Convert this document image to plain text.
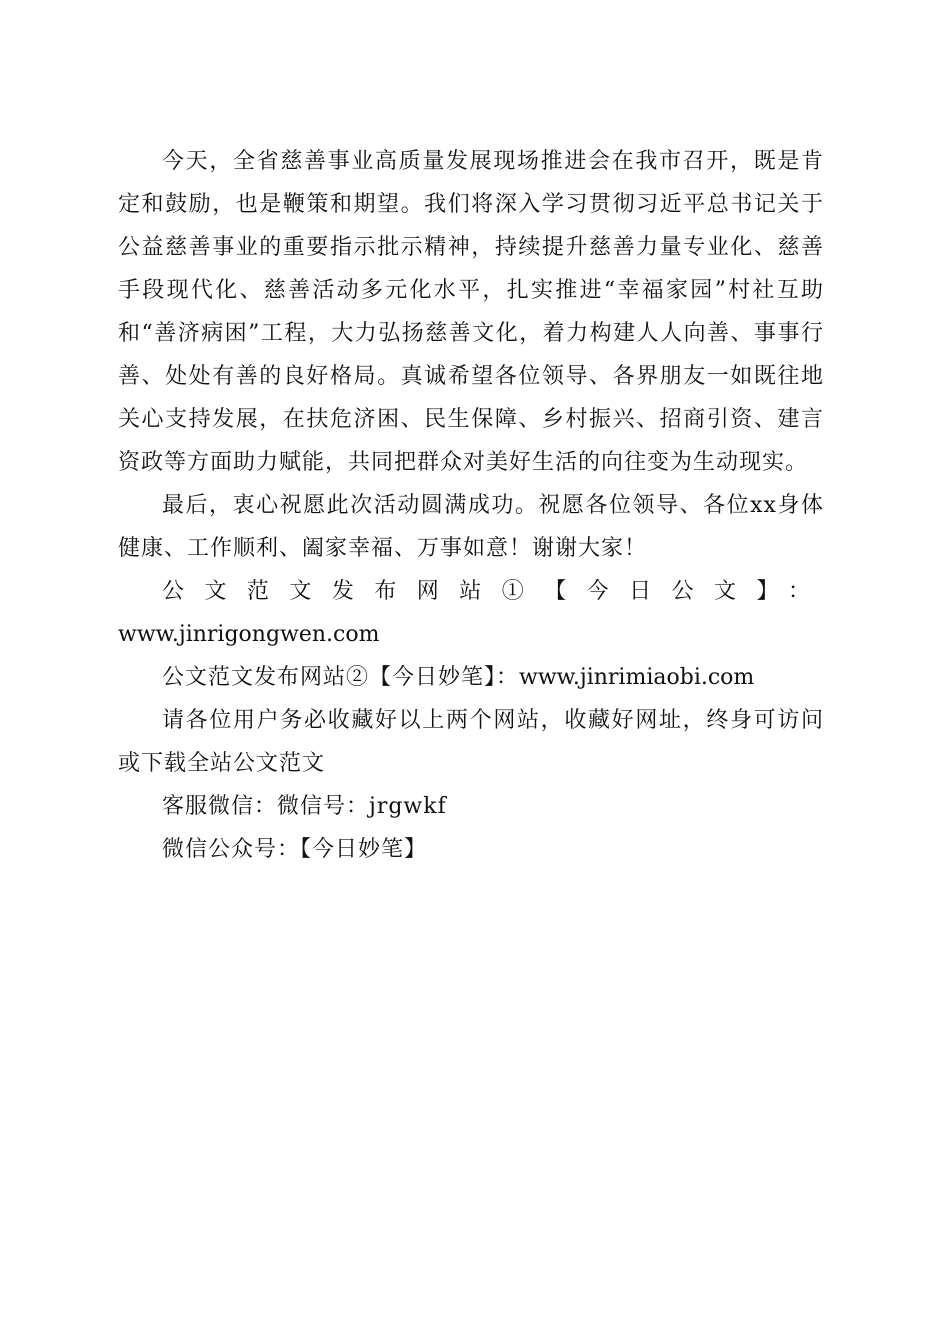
今天，全省慈善事业高质量发展现场推进会在我市召开，既是肯定和鼓励，也是鞭策和期望。我们将深入学习贯彻习近平总书记关于公益慈善事业的重要指示批示精神，持续提升慈善力量专业化、慈善手段现代化、慈善活动多元化水平，扎实推进“幸福家园”村社互助和“善济病困”工程，大力弘扬慈善文化，着力构建人人向善、事事行善、处处有善的良好格局。真诚希望各位领导、各界朋友一如既往地关心支持发展，在扶危济困、民生保障、乡村振兴、招商引资、建言资政等方面助力赋能，共同把群众对美好生活的向往变为生动现实。

最后，衷心祝愿此次活动圆满成功。祝愿各位领导、各位xx身体健康、工作顺利、阖家幸福、万事如意！谢谢大家！

公文范文发布网站①【今日公文】：www.jinrigongwen.com

公文范文发布网站②【今日妙笔】：www.jinrimiaobi.com

请各位用户务必收藏好以上两个网站，收藏好网址，终身可访问或下载全站公文范文

客服微信：微信号：jrgwkf

微信公众号：【今日妙笔】
